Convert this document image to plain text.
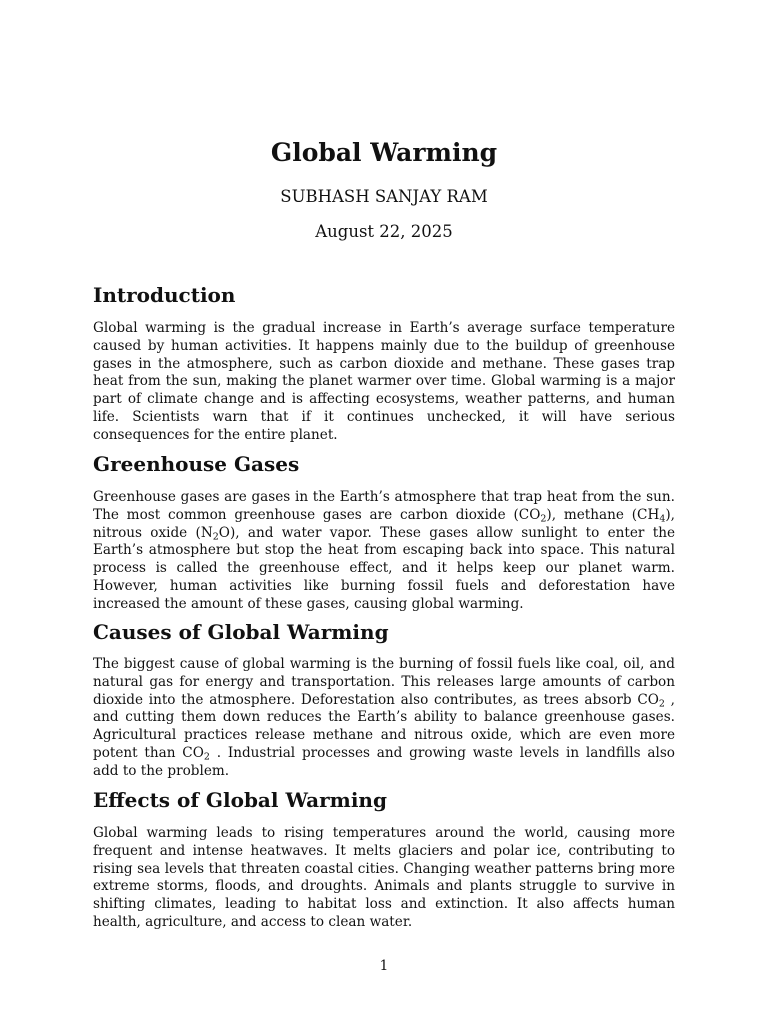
Global Warming
SUBHASH SANJAY RAM
August 22, 2025
Introduction
Global warming is the gradual increase in Earth’s average surface temperature caused by human activities. It happens mainly due to the buildup of greenhouse gases in the atmosphere, such as carbon dioxide and methane. These gases trap heat from the sun, making the planet warmer over time. Global warming is a major part of climate change and is affecting ecosystems, weather patterns, and human life. Scientists warn that if it continues unchecked, it will have serious consequences for the entire planet.
Greenhouse Gases
Greenhouse gases are gases in the Earth’s atmosphere that trap heat from the sun. The most common greenhouse gases are carbon dioxide $(CO_2)$, methane $(CH_4)$, nitrous oxide $(N_2O)$, and water vapor. These gases allow sunlight to enter the Earth’s atmosphere but stop the heat from escaping back into space. This natural process is called the greenhouse effect, and it helps keep our planet warm. However, human activities like burning fossil fuels and deforestation have increased the amount of these gases, causing global warming.
Causes of Global Warming
The biggest cause of global warming is the burning of fossil fuels like coal, oil, and natural gas for energy and transportation. This releases large amounts of carbon dioxide into the atmosphere. Deforestation also contributes, as trees absorb $CO_2$ , and cutting them down reduces the Earth’s ability to balance greenhouse gases. Agricultural practices release methane and nitrous oxide, which are even more potent than $CO_2$ . Industrial processes and growing waste levels in landfills also add to the problem.
Effects of Global Warming
Global warming leads to rising temperatures around the world, causing more frequent and intense heatwaves. It melts glaciers and polar ice, contributing to rising sea levels that threaten coastal cities. Changing weather patterns bring more extreme storms, floods, and droughts. Animals and plants struggle to survive in shifting climates, leading to habitat loss and extinction. It also affects human health, agriculture, and access to clean water.
1
